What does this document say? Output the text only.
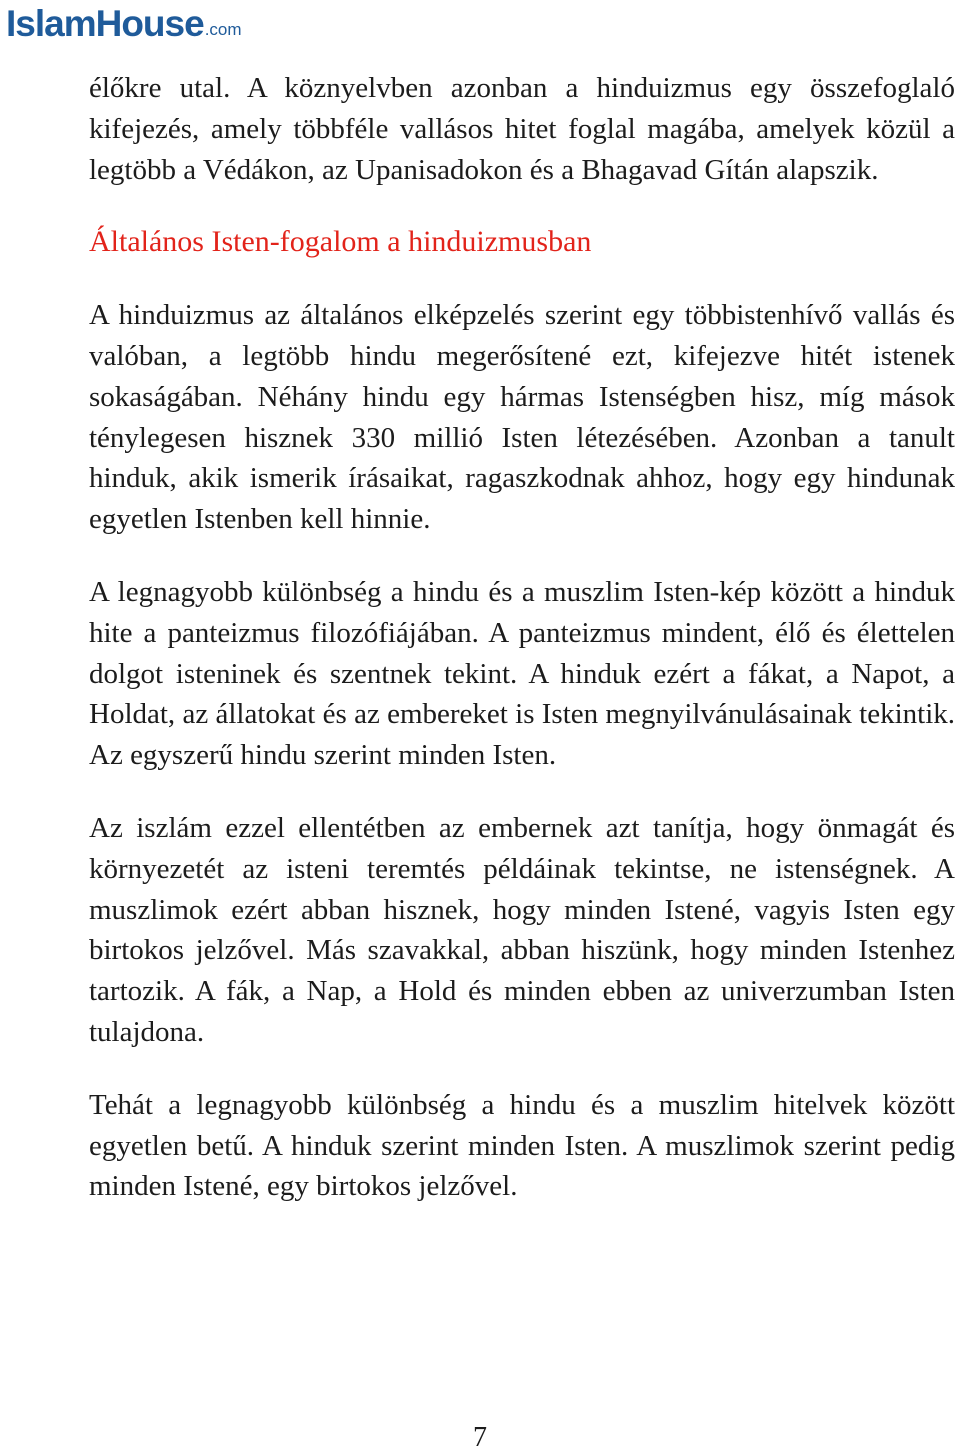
IslamHouse .com

élőkre utal. A köznyelvben azonban a hinduizmus egy összefoglaló kifejezés, amely többféle vallásos hitet foglal magába, amelyek közül a legtöbb a Védákon, az Upanisadokon és a Bhagavad Gítán alapszik.

Általános Isten-fogalom a hinduizmusban

A hinduizmus az általános elképzelés szerint egy többistenhívő vallás és valóban, a legtöbb hindu megerősítené ezt, kifejezve hitét istenek sokaságában. Néhány hindu egy hármas Istenségben hisz, míg mások ténylegesen hisznek 330 millió Isten létezésében. Azonban a tanult hinduk, akik ismerik írásaikat, ragaszkodnak ahhoz, hogy egy hindunak egyetlen Istenben kell hinnie.

A legnagyobb különbség a hindu és a muszlim Isten-kép között a hinduk hite a panteizmus filozófiájában. A panteizmus mindent, élő és élettelen dolgot isteninek és szentnek tekint. A hinduk ezért a fákat, a Napot, a Holdat, az állatokat és az embereket is Isten megnyilvánulásainak tekintik. Az egyszerű hindu szerint minden Isten.

Az iszlám ezzel ellentétben az embernek azt tanítja, hogy önmagát és környezetét az isteni teremtés példáinak tekintse, ne istenségnek. A muszlimok ezért abban hisznek, hogy minden Istené, vagyis Isten egy birtokos jelzővel. Más szavakkal, abban hiszünk, hogy minden Istenhez tartozik. A fák, a Nap, a Hold és minden ebben az univerzumban Isten tulajdona.

Tehát a legnagyobb különbség a hindu és a muszlim hitelvek között egyetlen betű. A hinduk szerint minden Isten. A muszlimok szerint pedig minden Istené, egy birtokos jelzővel.

7
